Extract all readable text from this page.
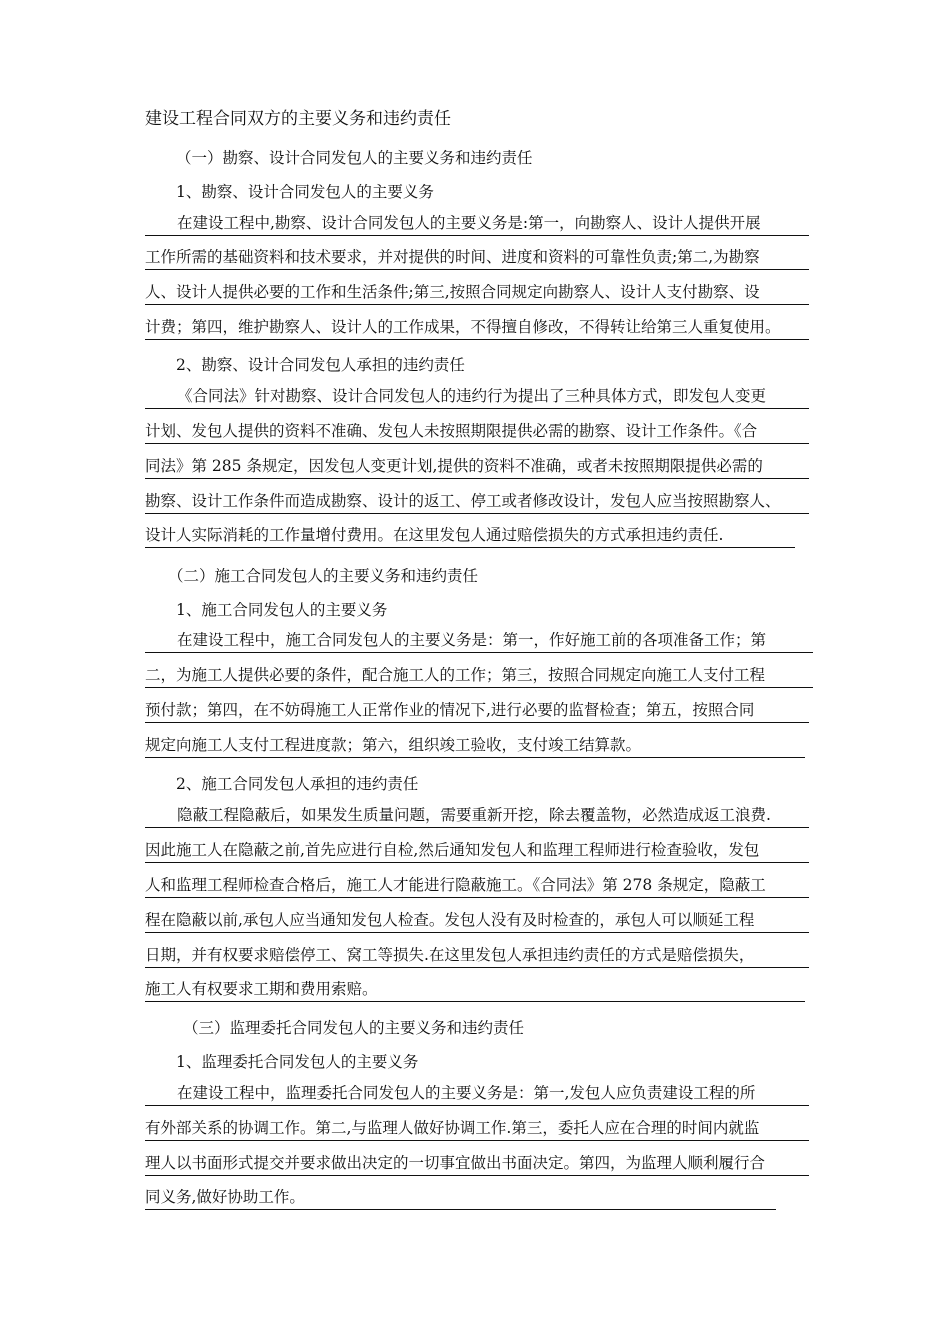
建设工程合同双方的主要义务和违约责任
（一）勘察、设计合同发包人的主要义务和违约责任
1、勘察、设计合同发包人的主要义务
在建设工程中,勘察、设计合同发包人的主要义务是:第一，向勘察人、设计人提供开展
工作所需的基础资料和技术要求，并对提供的时间、进度和资料的可靠性负责;第二,为勘察
人、设计人提供必要的工作和生活条件;第三,按照合同规定向勘察人、设计人支付勘察、设
计费；第四，维护勘察人、设计人的工作成果，不得擅自修改，不得转让给第三人重复使用。
2、勘察、设计合同发包人承担的违约责任
《合同法》针对勘察、设计合同发包人的违约行为提出了三种具体方式，即发包人变更
计划、发包人提供的资料不准确、发包人未按照期限提供必需的勘察、设计工作条件。《合
同法》第 285 条规定，因发包人变更计划,提供的资料不准确，或者未按照期限提供必需的
勘察、设计工作条件而造成勘察、设计的返工、停工或者修改设计，发包人应当按照勘察人、
设计人实际消耗的工作量增付费用。在这里发包人通过赔偿损失的方式承担违约责任.
（二）施工合同发包人的主要义务和违约责任
1、施工合同发包人的主要义务
在建设工程中，施工合同发包人的主要义务是：第一，作好施工前的各项准备工作；第
二，为施工人提供必要的条件，配合施工人的工作；第三，按照合同规定向施工人支付工程
预付款；第四，在不妨碍施工人正常作业的情况下,进行必要的监督检查；第五，按照合同
规定向施工人支付工程进度款；第六，组织竣工验收，支付竣工结算款。
2、施工合同发包人承担的违约责任
隐蔽工程隐蔽后，如果发生质量问题，需要重新开挖，除去覆盖物，必然造成返工浪费.
因此施工人在隐蔽之前,首先应进行自检,然后通知发包人和监理工程师进行检查验收，发包
人和监理工程师检查合格后，施工人才能进行隐蔽施工。《合同法》第 278 条规定，隐蔽工
程在隐蔽以前,承包人应当通知发包人检查。发包人没有及时检查的，承包人可以顺延工程
日期，并有权要求赔偿停工、窝工等损失.在这里发包人承担违约责任的方式是赔偿损失，
施工人有权要求工期和费用索赔。
（三）监理委托合同发包人的主要义务和违约责任
1、监理委托合同发包人的主要义务
在建设工程中，监理委托合同发包人的主要义务是：第一,发包人应负责建设工程的所
有外部关系的协调工作。第二,与监理人做好协调工作.第三，委托人应在合理的时间内就监
理人以书面形式提交并要求做出决定的一切事宜做出书面决定。第四，为监理人顺利履行合
同义务,做好协助工作。
